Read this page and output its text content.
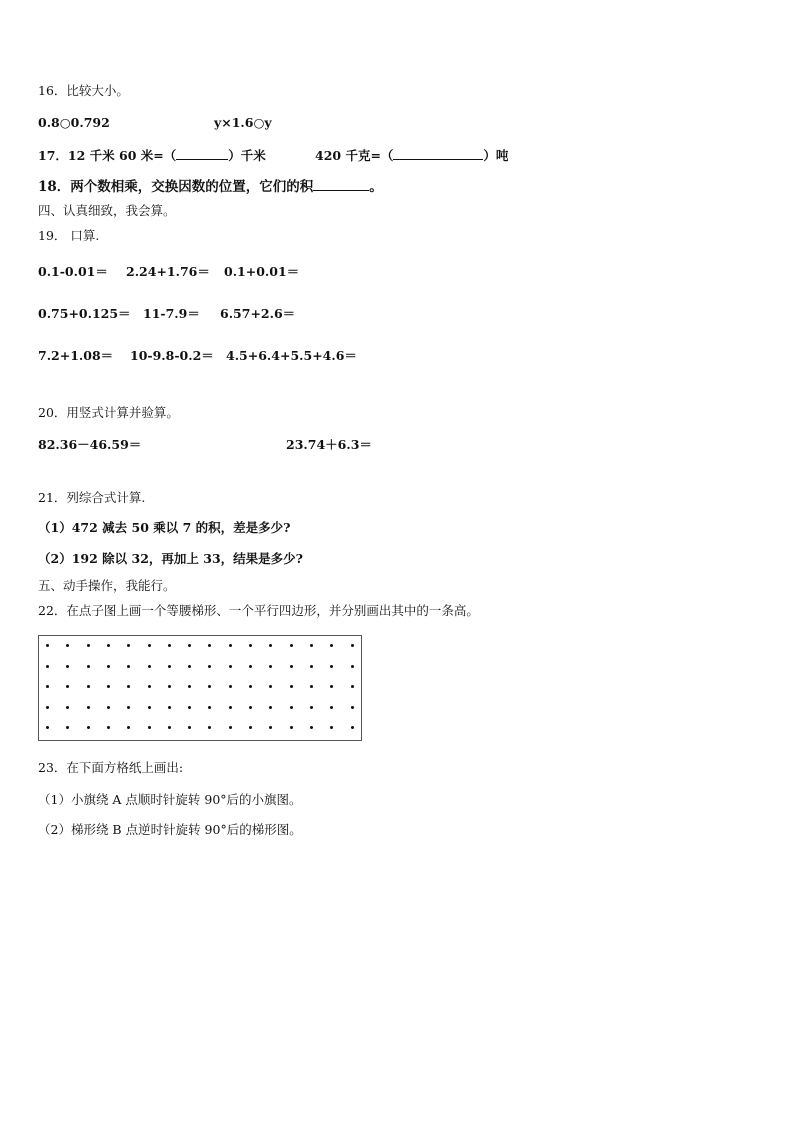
16．比较大小。
0.8○0.792	y×1.6○y
17．12 千米 60 米=（	）千米	420 千克=（	）吨
18．两个数相乘，交换因数的位置，它们的积	。
四、认真细致，我会算。
19． 口算.
0.1-0.01＝ 2.24+1.76＝ 0.1+0.01＝
0.75+0.125＝ 11-7.9＝ 6.57+2.6＝
7.2+1.08＝ 10-9.8-0.2＝ 4.5+6.4+5.5+4.6＝
20．用竖式计算并验算。
82.36－46.59＝	23.74＋6.3＝
21．列综合式计算.
（1）472 减去 50 乘以 7 的积，差是多少?
（2）192 除以 32，再加上 33，结果是多少?
五、动手操作，我能行。
22．在点子图上画一个等腰梯形、一个平行四边形，并分别画出其中的一条高。
23．在下面方格纸上画出:
（1）小旗绕 A 点顺时针旋转 90°后的小旗图。
（2）梯形绕 B 点逆时针旋转 90°后的梯形图。
